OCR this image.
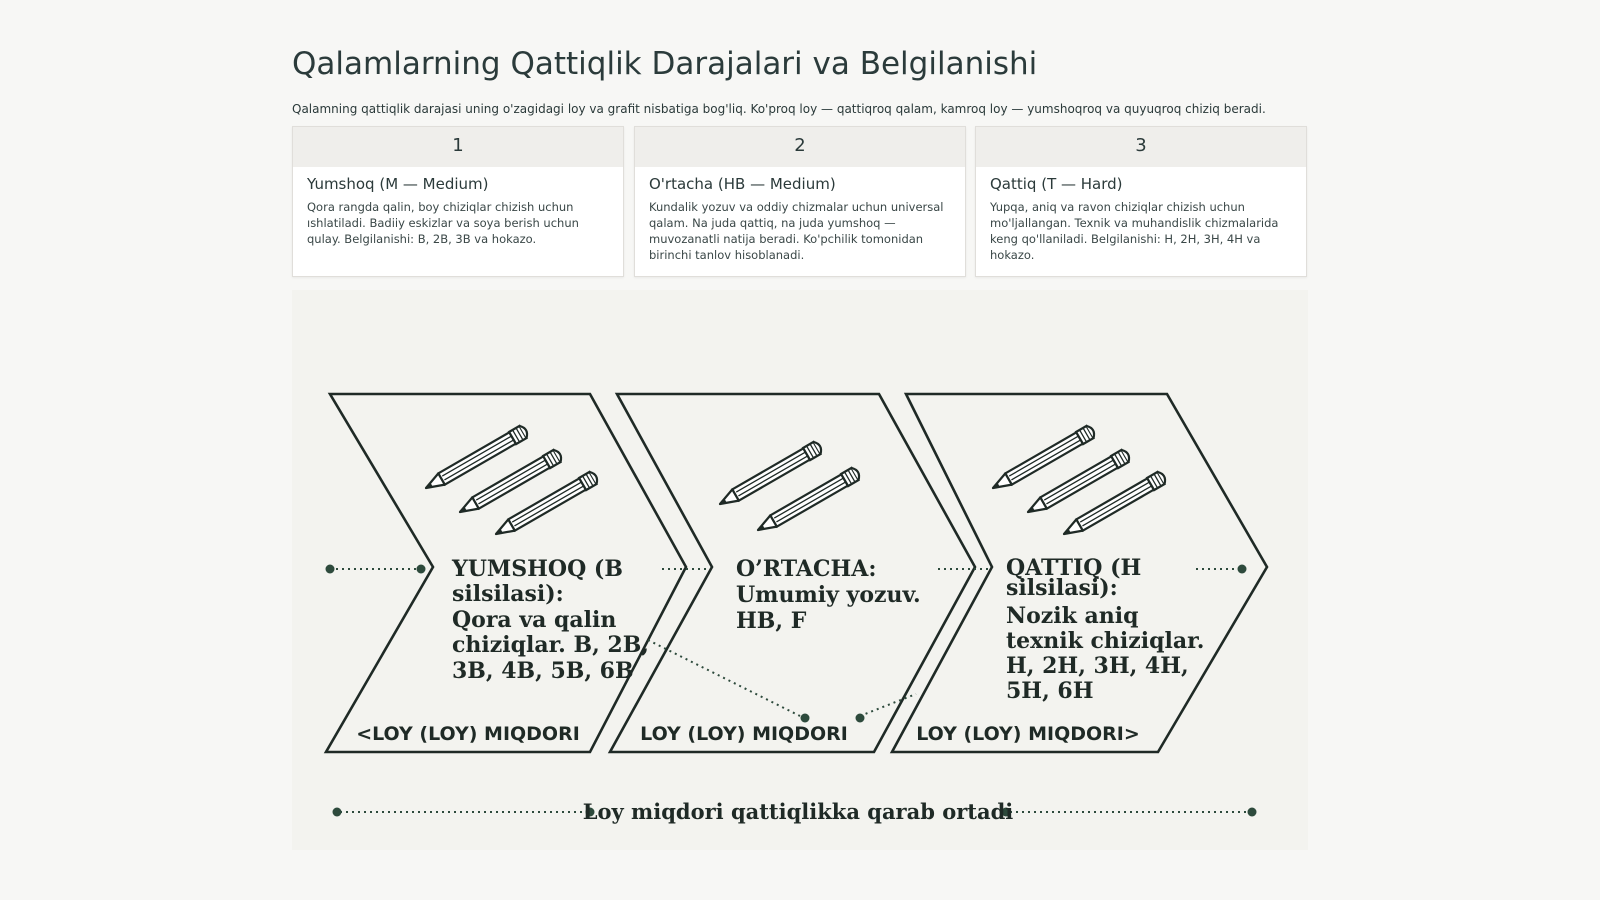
Qalamlarning Qattiqlik Darajalari va Belgilanishi

Qalamning qattiqlik darajasi uning o'zagidagi loy va grafit nisbatiga bog'liq. Ko'proq loy — qattiqroq qalam, kamroq loy — yumshoqroq va quyuqroq chiziq beradi.

1
Yumshoq (M — Medium)
Qora rangda qalin, boy chiziqlar chizish uchun ıshlatiladi. Badiiy eskizlar va soya berish uchun qulay. Belgilanishi: B, 2B, 3B va hokazo.
2
O'rtacha (HB — Medium)
Kundalik yozuv va oddiy chizmalar uchun universal qalam. Na juda qattiq, na juda yumshoq — muvozanatli natija beradi. Ko'pchilik tomonidan birinchi tanlov hisoblanadi.
3
Qattiq (T — Hard)
Yupqa, aniq va ravon chiziqlar chizish uchun mo'ljallangan. Texnik va muhandislik chizmalarida keng qo'llaniladi. Belgilanishi: H, 2H, 3H, 4H va hokazo.
YUMSHOQ (B silsilasi): Qora va qalin chiziqlar. B, 2B, 3B, 4B, 5B, 6B
O’RTACHA: Umumiy yozuv. HB, F
QATTIQ (H silsilasi): Nozik aniq texnik chiziqlar. H, 2H, 3H, 4H, 5H, 6H
<LOY (LOY) MIQDORI	LOY (LOY) MIQDORI	LOY (LOY) MIQDORI>
Loy miqdori qattiqlikka qarab ortadi
